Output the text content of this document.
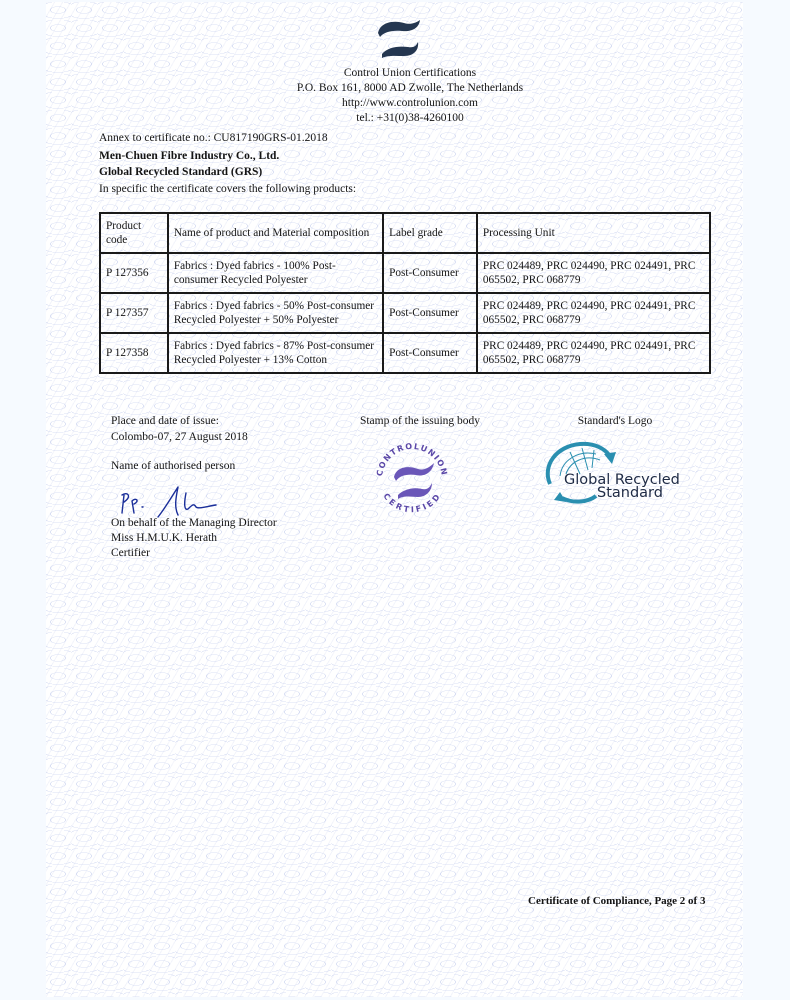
Control Union Certifications
P.O. Box 161, 8000 AD Zwolle, The Netherlands
http://www.controlunion.com
tel.: +31(0)38-4260100
Annex to certificate no.: CU817190GRS-01.2018
Men-Chuen Fibre Industry Co., Ltd.
Global Recycled Standard (GRS)
In specific the certificate covers the following products:
Product code	Name of product and Material composition	Label grade	Processing Unit
P 127356	Fabrics : Dyed fabrics - 100% Post-consumer Recycled Polyester	Post-Consumer	PRC 024489, PRC 024490, PRC 024491, PRC 065502, PRC 068779
P 127357	Fabrics : Dyed fabrics - 50% Post-consumer Recycled Polyester + 50% Polyester	Post-Consumer	PRC 024489, PRC 024490, PRC 024491, PRC 065502, PRC 068779
P 127358	Fabrics : Dyed fabrics - 87% Post-consumer Recycled Polyester + 13% Cotton	Post-Consumer	PRC 024489, PRC 024490, PRC 024491, PRC 065502, PRC 068779
Place and date of issue:
Colombo-07, 27 August 2018
Name of authorised person
On behalf of the Managing Director
Miss H.M.U.K. Herath
Certifier
Stamp of the issuing body
CONTROLUNION
CERTIFIED
Standard's Logo
Global Recycled
Standard
Certificate of Compliance, Page 2 of 3
